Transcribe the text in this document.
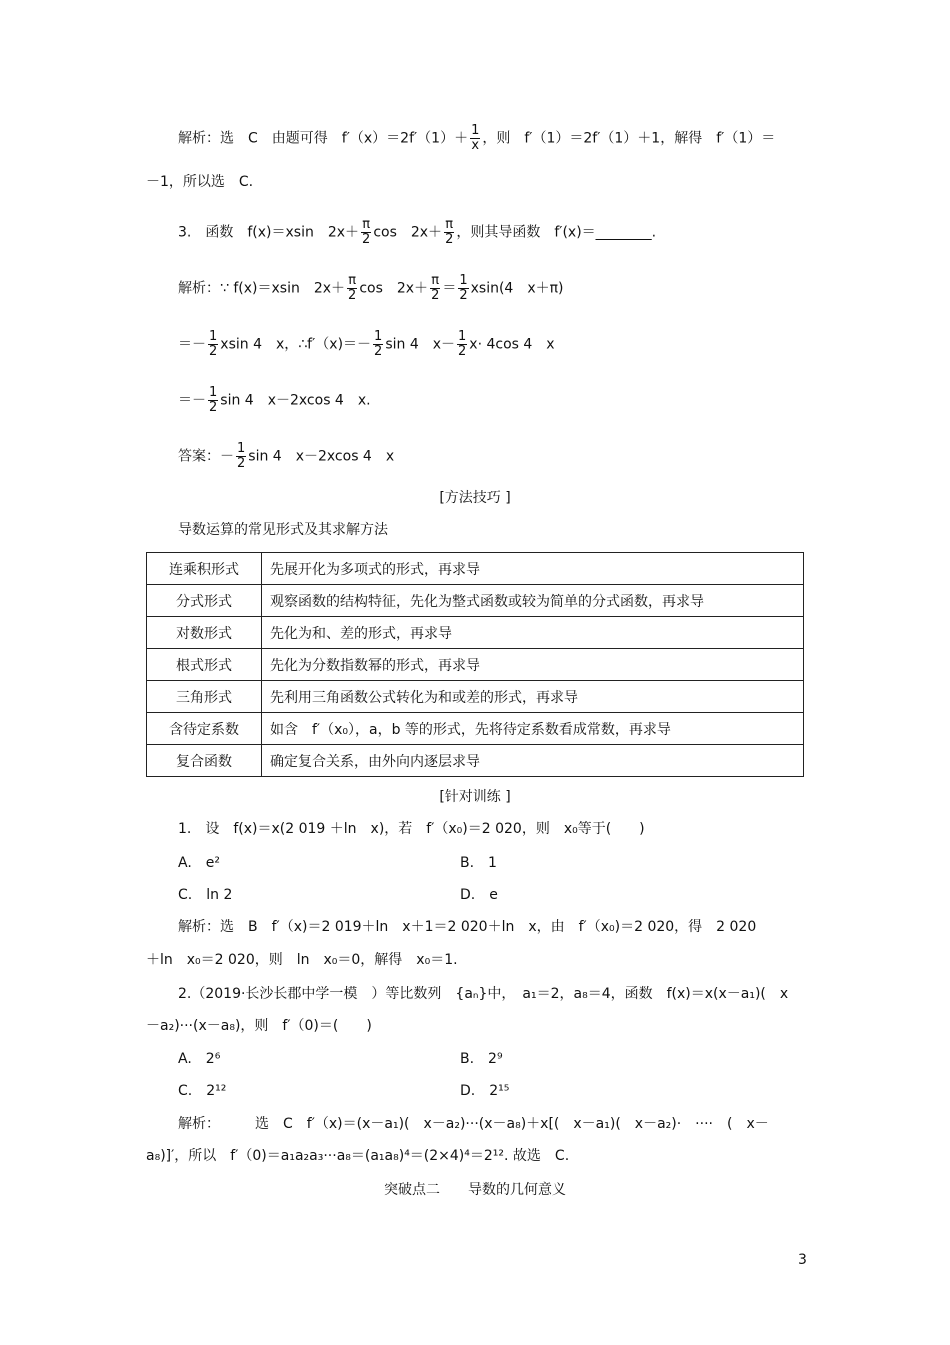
解析：选　C　由题可得　$f'(x)=2f'(1)+ \frac{1}{x}$ ，则　f′（1）＝2f′（1）＋1，解得　f′（1）＝
－1，所以选　C.
3.　函数　f(x)＝xsin　$2x+ \frac{\pi}{2}$ cos　$2x+ \frac{\pi}{2}$ ，则其导函数　f′(x)＝________.
解析：∵ f(x)＝xsin　$2x+ \frac{\pi}{2}$ cos　$2x+ \frac{\pi}{2} = \frac{1}{2} xsin(4$　x＋π)
＝－ $\frac{1}{2}$ xsin 4　x，∴f′（x)＝－ $\frac{1}{2}$ sin 4　$x- \frac{1}{2} x\cdot 4\cos$ 4　x
＝－ $\frac{1}{2}$ sin 4　x－2xcos 4　x.
答案：－ $\frac{1}{2}$ sin 4　x－2xcos 4　x
[方法技巧 ]
导数运算的常见形式及其求解方法
连乘积形式	先展开化为多项式的形式，再求导
分式形式	观察函数的结构特征，先化为整式函数或较为简单的分式函数，再求导
对数形式	先化为和、差的形式，再求导
根式形式	先化为分数指数幂的形式，再求导
三角形式	先利用三角函数公式转化为和或差的形式，再求导
含待定系数	如含　f′（x₀），a，b 等的形式，先将待定系数看成常数，再求导
复合函数	确定复合关系，由外向内逐层求导
[针对训练 ]
1.　设　f(x)＝x(2 019 ＋ln　x)，若　f′（x₀)＝2 020，则　x₀等于(　　)
A.　e²	B.　1
C.　ln 2	D.　e
解析：选　B　f′（x)＝2 019＋ln　x＋1＝2 020＋ln　x，由　f′（x₀)＝2 020，得　2 020
＋ln　x₀＝2 020，则　ln　x₀＝0，解得　x₀＝1.
2.（2019·长沙长郡中学一模　）等比数列　{aₙ}中，　a₁＝2，a₈＝4，函数　f(x)＝x(x－a₁)(　x
－a₂)···(x－a₈)，则　f′（0)＝(　　)
A.　2⁶	B.　2⁹
C.　2¹²	D.　2¹⁵
解析：　　　选　C　f′（x)＝(x－a₁)(　x－a₂)···(x－a₈)＋x[(　x－a₁)(　x－a₂)·　····　(　x－
a₈)]′，所以　f′（0)＝a₁a₂a₃···a₈＝(a₁a₈)⁴＝(2×4)⁴＝2¹². 故选　C.
突破点二　　导数的几何意义
3
